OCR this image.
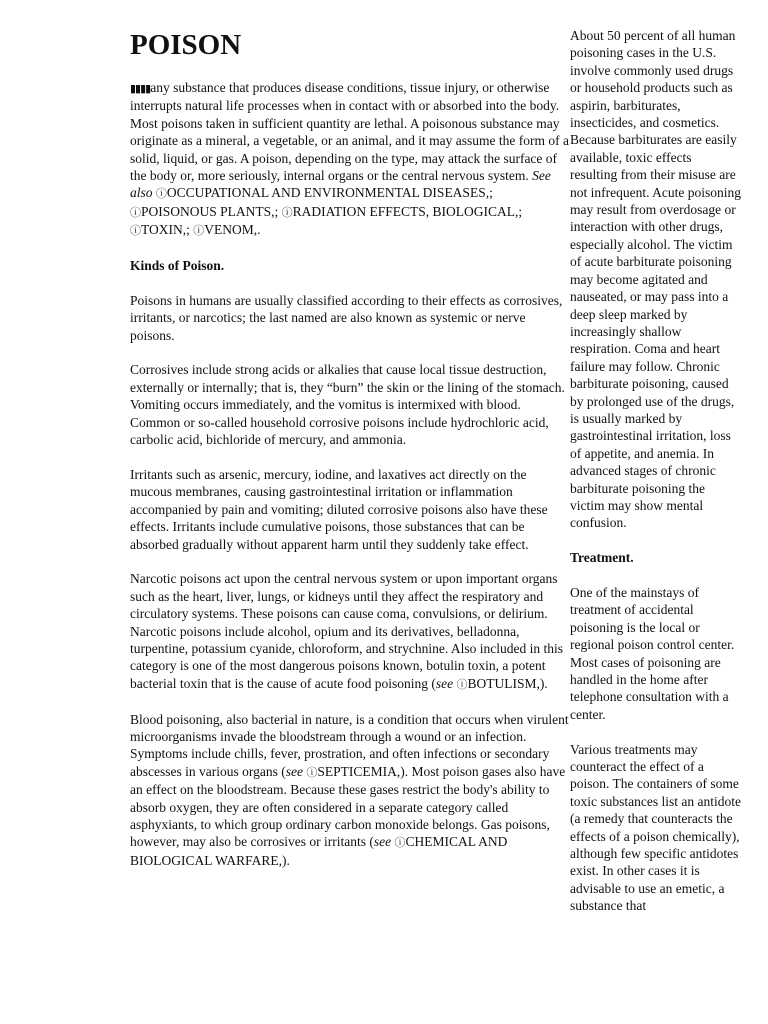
POISON

▮▮▮▮any substance that produces disease conditions, tissue injury, or otherwise interrupts natural life processes when in contact with or absorbed into the body. Most poisons taken in sufficient quantity are lethal. A poisonous substance may originate as a mineral, a vegetable, or an animal, and it may assume the form of a solid, liquid, or gas. A poison, depending on the type, may attack the surface of the body or, more seriously, internal organs or the central nervous system. See also ⓘOCCUPATIONAL AND ENVIRONMENTAL DISEASES,; ⓘPOISONOUS PLANTS,; ⓘRADIATION EFFECTS, BIOLOGICAL,; ⓘTOXIN,; ⓘVENOM,.

Kinds of Poison.

Poisons in humans are usually classified according to their effects as corrosives, irritants, or narcotics; the last named are also known as systemic or nerve poisons.

Corrosives include strong acids or alkalies that cause local tissue destruction, externally or internally; that is, they “burn” the skin or the lining of the stomach. Vomiting occurs immediately, and the vomitus is intermixed with blood. Common or so-called household corrosive poisons include hydrochloric acid, carbolic acid, bichloride of mercury, and ammonia.

Irritants such as arsenic, mercury, iodine, and laxatives act directly on the mucous membranes, causing gastrointestinal irritation or inflammation accompanied by pain and vomiting; diluted corrosive poisons also have these effects. Irritants include cumulative poisons, those substances that can be absorbed gradually without apparent harm until they suddenly take effect.

Narcotic poisons act upon the central nervous system or upon important organs such as the heart, liver, lungs, or kidneys until they affect the respiratory and circulatory systems. These poisons can cause coma, convulsions, or delirium. Narcotic poisons include alcohol, opium and its derivatives, belladonna, turpentine, potassium cyanide, chloroform, and strychnine. Also included in this category is one of the most dangerous poisons known, botulin toxin, a potent bacterial toxin that is the cause of acute food poisoning (see ⓘBOTULISM,).

Blood poisoning, also bacterial in nature, is a condition that occurs when virulent microorganisms invade the bloodstream through a wound or an infection. Symptoms include chills, fever, prostration, and often infections or secondary abscesses in various organs (see ⓘSEPTICEMIA,). Most poison gases also have an effect on the bloodstream. Because these gases restrict the body's ability to absorb oxygen, they are often considered in a separate category called asphyxiants, to which group ordinary carbon monoxide belongs. Gas poisons, however, may also be corrosives or irritants (see ⓘCHEMICAL AND BIOLOGICAL WARFARE,).

About 50 percent of all human poisoning cases in the U.S. involve commonly used drugs or household products such as aspirin, barbiturates, insecticides, and cosmetics. Because barbiturates are easily available, toxic effects resulting from their misuse are not infrequent. Acute poisoning may result from overdosage or interaction with other drugs, especially alcohol. The victim of acute barbiturate poisoning may become agitated and nauseated, or may pass into a deep sleep marked by increasingly shallow respiration. Coma and heart failure may follow. Chronic barbiturate poisoning, caused by prolonged use of the drugs, is usually marked by gastrointestinal irritation, loss of appetite, and anemia. In advanced stages of chronic barbiturate poisoning the victim may show mental confusion.

Treatment.

One of the mainstays of treatment of accidental poisoning is the local or regional poison control center. Most cases of poisoning are handled in the home after telephone consultation with a center.

Various treatments may counteract the effect of a poison. The containers of some toxic substances list an antidote (a remedy that counteracts the effects of a poison chemically), although few specific antidotes exist. In other cases it is advisable to use an emetic, a substance that
